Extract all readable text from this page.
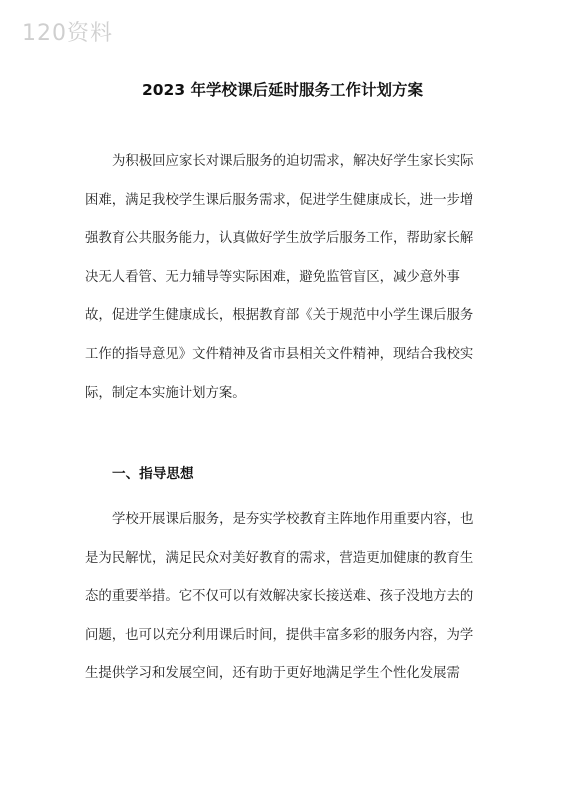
120资料
2023 年学校课后延时服务工作计划方案
为积极回应家长对课后服务的迫切需求，解决好学生家长实际
困难，满足我校学生课后服务需求，促进学生健康成长，进一步增
强教育公共服务能力，认真做好学生放学后服务工作，帮助家长解
决无人看管、无力辅导等实际困难，避免监管盲区，减少意外事
故，促进学生健康成长，根据教育部《关于规范中小学生课后服务
工作的指导意见》文件精神及省市县相关文件精神，现结合我校实
际，制定本实施计划方案。
一、指导思想
学校开展课后服务，是夯实学校教育主阵地作用重要内容，也
是为民解忧，满足民众对美好教育的需求，营造更加健康的教育生
态的重要举措。它不仅可以有效解决家长接送难、孩子没地方去的
问题，也可以充分利用课后时间，提供丰富多彩的服务内容，为学
生提供学习和发展空间，还有助于更好地满足学生个性化发展需
